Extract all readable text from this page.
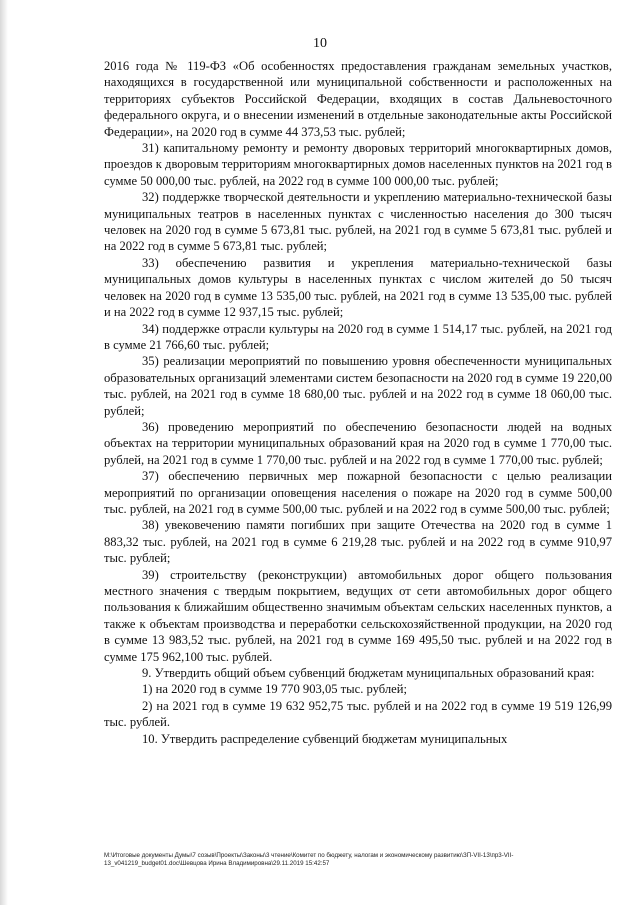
10

2016 года № 119-ФЗ «Об особенностях предоставления гражданам земельных участков, находящихся в государственной или муниципальной собственности и расположенных на территориях субъектов Российской Федерации, входящих в состав Дальневосточного федерального округа, и о внесении изменений в отдельные законодательные акты Российской Федерации», на 2020 год в сумме 44 373,53 тыс. рублей;

31) капитальному ремонту и ремонту дворовых территорий многоквартирных домов, проездов к дворовым территориям многоквартирных домов населенных пунктов на 2021 год в сумме 50 000,00 тыс. рублей, на 2022 год в сумме 100 000,00 тыс. рублей;

32) поддержке творческой деятельности и укреплению материально-технической базы муниципальных театров в населенных пунктах с численностью населения до 300 тысяч человек на 2020 год в сумме 5 673,81 тыс. рублей, на 2021 год в сумме 5 673,81 тыс. рублей и на 2022 год в сумме 5 673,81 тыс. рублей;

33) обеспечению развития и укрепления материально-технической базы муниципальных домов культуры в населенных пунктах с числом жителей до 50 тысяч человек на 2020 год в сумме 13 535,00 тыс. рублей, на 2021 год в сумме 13 535,00 тыс. рублей и на 2022 год в сумме 12 937,15 тыс. рублей;

34) поддержке отрасли культуры на 2020 год в сумме 1 514,17 тыс. рублей, на 2021 год в сумме 21 766,60 тыс. рублей;

35) реализации мероприятий по повышению уровня обеспеченности муниципальных образовательных организаций элементами систем безопасности на 2020 год в сумме 19 220,00 тыс. рублей, на 2021 год в сумме 18 680,00 тыс. рублей и на 2022 год в сумме 18 060,00 тыс. рублей;

36) проведению мероприятий по обеспечению безопасности людей на водных объектах на территории муниципальных образований края на 2020 год в сумме 1 770,00 тыс. рублей, на 2021 год в сумме 1 770,00 тыс. рублей и на 2022 год в сумме 1 770,00 тыс. рублей;

37) обеспечению первичных мер пожарной безопасности с целью реализации мероприятий по организации оповещения населения о пожаре на 2020 год в сумме 500,00 тыс. рублей, на 2021 год в сумме 500,00 тыс. рублей и на 2022 год в сумме 500,00 тыс. рублей;

38) увековечению памяти погибших при защите Отечества на 2020 год в сумме 1 883,32 тыс. рублей, на 2021 год в сумме 6 219,28 тыс. рублей и на 2022 год в сумме 910,97 тыс. рублей;

39) строительству (реконструкции) автомобильных дорог общего пользования местного значения с твердым покрытием, ведущих от сети автомобильных дорог общего пользования к ближайшим общественно значимым объектам сельских населенных пунктов, а также к объектам производства и переработки сельскохозяйственной продукции, на 2020 год в сумме 13 983,52 тыс. рублей, на 2021 год в сумме 169 495,50 тыс. рублей и на 2022 год в сумме 175 962,100 тыс. рублей.

9. Утвердить общий объем субвенций бюджетам муниципальных образований края:

1) на 2020 год в сумме 19 770 903,05 тыс. рублей;

2) на 2021 год в сумме 19 632 952,75 тыс. рублей и на 2022 год в сумме 19 519 126,99 тыс. рублей.

10. Утвердить распределение субвенций бюджетам муниципальных

М:\Итоговые документы Думы\7 созыв\Проекты\Законы\3 чтение\Комитет по бюджету, налогам и экономическому развитию\ЗП-VII-13\пр3-VII-
13_v041219_budget01.doc\Шевцова Ирина Владимировна\29.11.2019 15:42:57
